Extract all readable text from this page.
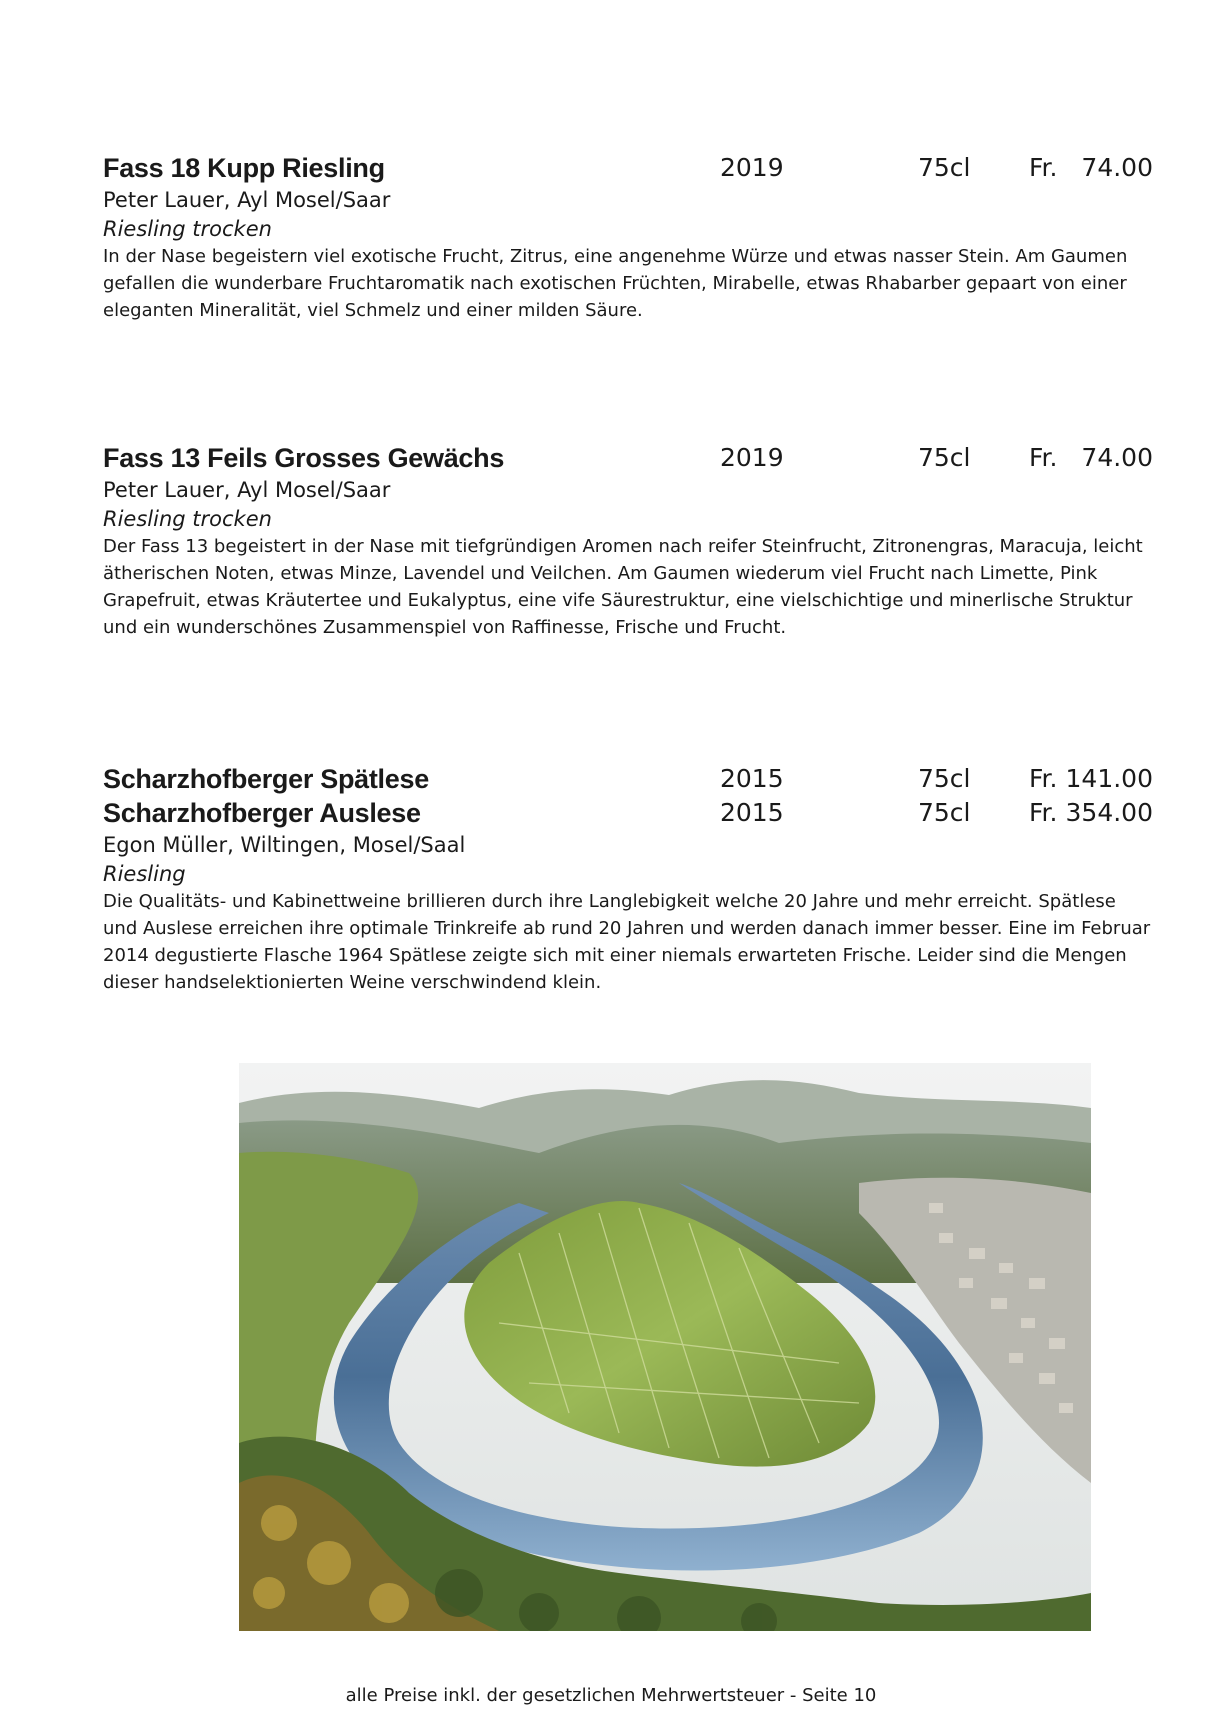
Fass 18 Kupp Riesling	2019	75cl Fr. 74.00
Peter Lauer, Ayl Mosel/Saar
Riesling trocken
In der Nase begeistern viel exotische Frucht, Zitrus, eine angenehme Würze und etwas nasser Stein. Am Gaumen gefallen die wunderbare Fruchtaromatik nach exotischen Früchten, Mirabelle, etwas Rhabarber gepaart von einer eleganten Mineralität, viel Schmelz und einer milden Säure.
Fass 13 Feils Grosses Gewächs	2019	75cl Fr. 74.00
Peter Lauer, Ayl Mosel/Saar
Riesling trocken
Der Fass 13 begeistert in der Nase mit tiefgründigen Aromen nach reifer Steinfrucht, Zitronengras, Maracuja, leicht ätherischen Noten, etwas Minze, Lavendel und Veilchen. Am Gaumen wiederum viel Frucht nach Limette, Pink Grapefruit, etwas Kräutertee und Eukalyptus, eine vife Säurestruktur, eine vielschichtige und minerlische Struktur und ein wunderschönes Zusammenspiel von Raffinesse, Frische und Frucht.
Scharzhofberger Spätlese	2015	75cl Fr. 141.00
Scharzhofberger Auslese	2015	75cl Fr. 354.00
Egon Müller, Wiltingen, Mosel/Saal
Riesling
Die Qualitäts- und Kabinettweine brillieren durch ihre Langlebigkeit welche 20 Jahre und mehr erreicht. Spätlese und Auslese erreichen ihre optimale Trinkreife ab rund 20 Jahren und werden danach immer besser. Eine im Februar 2014 degustierte Flasche 1964 Spätlese zeigte sich mit einer niemals erwarteten Frische. Leider sind die Mengen dieser handselektionierten Weine verschwindend klein.
alle Preise inkl. der gesetzlichen Mehrwertsteuer - Seite 10
